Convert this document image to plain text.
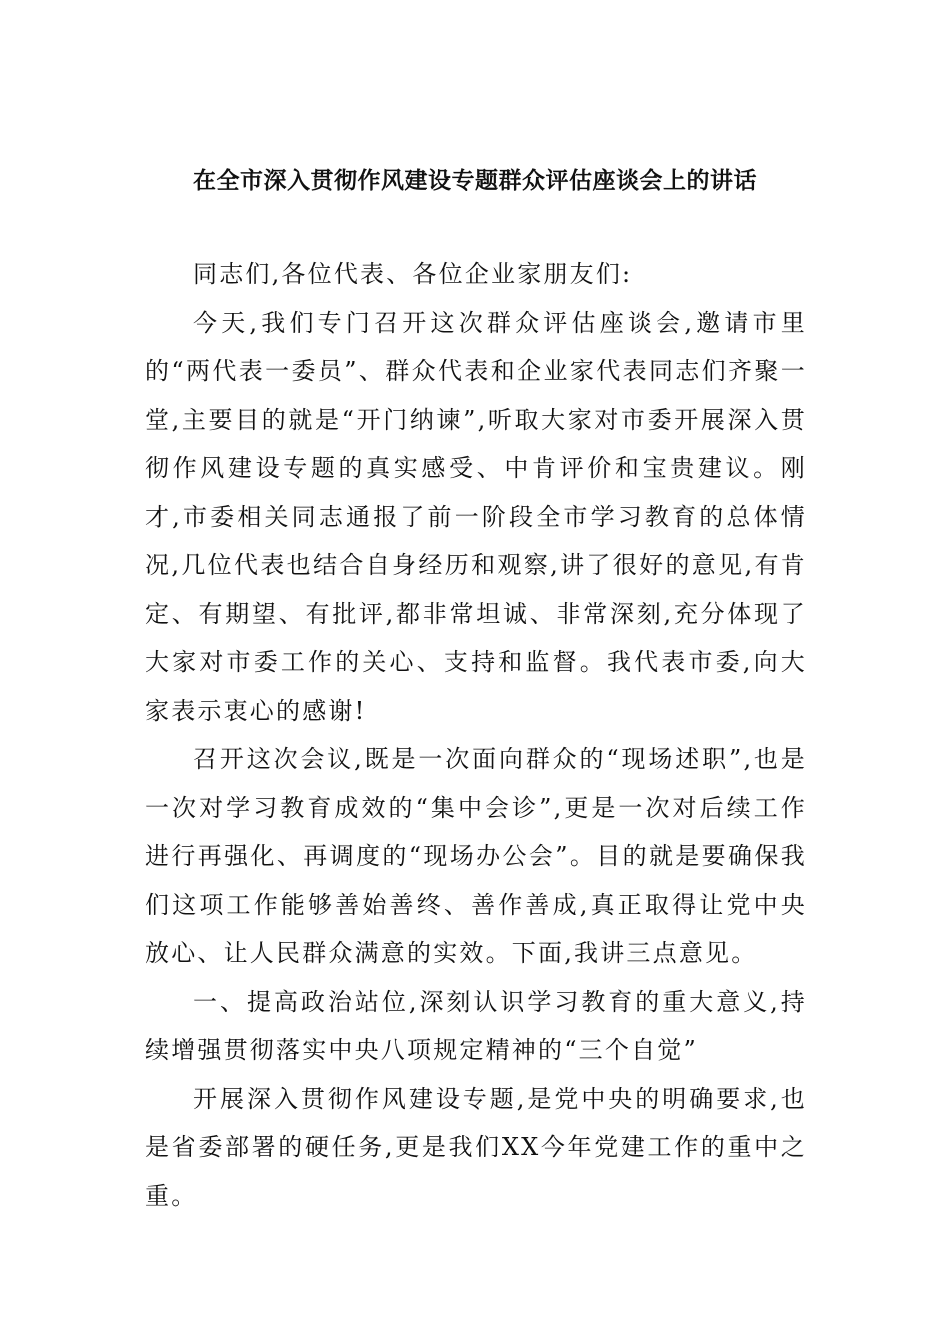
在全市深入贯彻作风建设专题群众评估座谈会上的讲话

同志们,各位代表、各位企业家朋友们:

今天,我们专门召开这次群众评估座谈会,邀请市里的“两代表一委员”、群众代表和企业家代表同志们齐聚一堂,主要目的就是“开门纳谏”,听取大家对市委开展深入贯彻作风建设专题的真实感受、中肯评价和宝贵建议。刚才,市委相关同志通报了前一阶段全市学习教育的总体情况,几位代表也结合自身经历和观察,讲了很好的意见,有肯定、有期望、有批评,都非常坦诚、非常深刻,充分体现了大家对市委工作的关心、支持和监督。我代表市委,向大家表示衷心的感谢!

召开这次会议,既是一次面向群众的“现场述职”,也是一次对学习教育成效的“集中会诊”,更是一次对后续工作进行再强化、再调度的“现场办公会”。目的就是要确保我们这项工作能够善始善终、善作善成,真正取得让党中央放心、让人民群众满意的实效。下面,我讲三点意见。

一、提高政治站位,深刻认识学习教育的重大意义,持续增强贯彻落实中央八项规定精神的“三个自觉”

开展深入贯彻作风建设专题,是党中央的明确要求,也是省委部署的硬任务,更是我们XX今年党建工作的重中之重。
